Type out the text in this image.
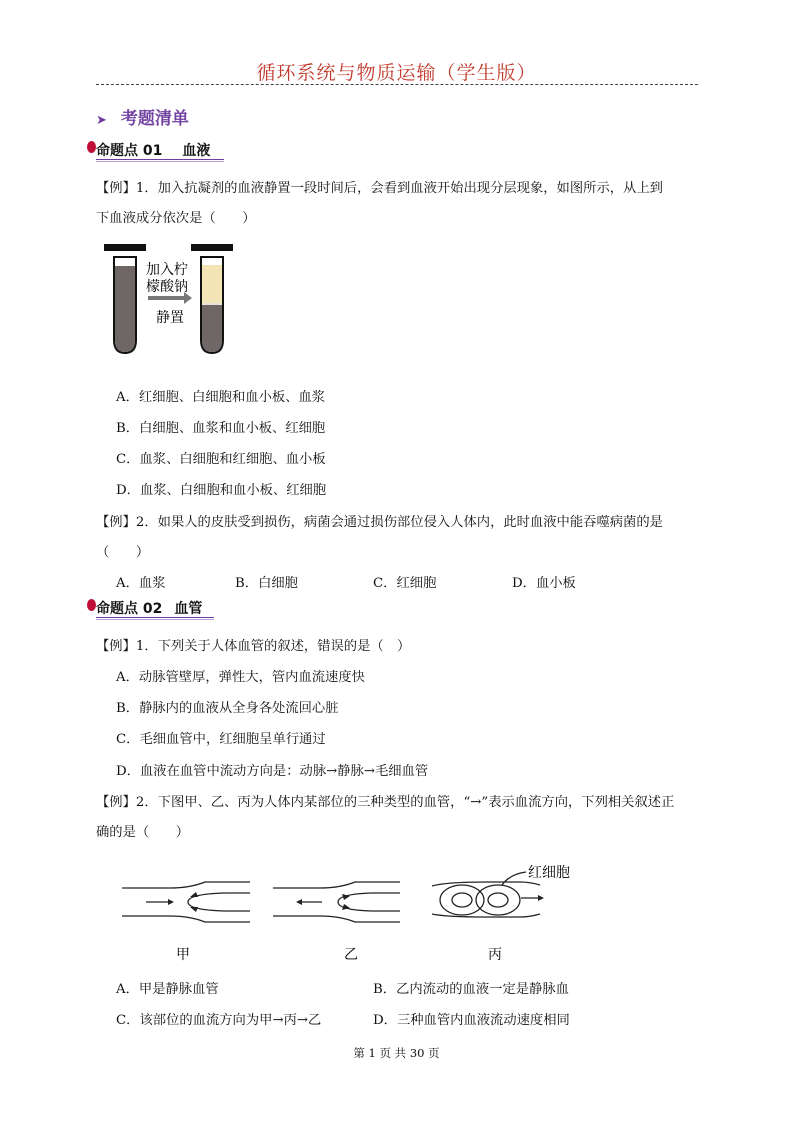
循环系统与物质运输（学生版）
➤ 考题清单
命题点 01 血液
【例】1．加入抗凝剂的血液静置一段时间后，会看到血液开始出现分层现象，如图所示，从上到
下血液成分依次是（　　）
加入柠
檬酸钠
静置
A．红细胞、白细胞和血小板、血浆
B．白细胞、血浆和血小板、红细胞
C．血浆、白细胞和红细胞、血小板
D．血浆、白细胞和血小板、红细胞
【例】2．如果人的皮肤受到损伤，病菌会通过损伤部位侵入人体内，此时血液中能吞噬病菌的是
（　　）
A．血浆	B．白细胞	C．红细胞	D．血小板
命题点 02 血管
【例】1．下列关于人体血管的叙述，错误的是（　）
A．动脉管壁厚，弹性大，管内血流速度快
B．静脉内的血液从全身各处流回心脏
C．毛细血管中，红细胞呈单行通过
D．血液在血管中流动方向是：动脉→静脉→毛细血管
【例】2．下图甲、乙、丙为人体内某部位的三种类型的血管，“→”表示血流方向，下列相关叙述正
确的是（　　）
红细胞
甲	乙	丙
A．甲是静脉血管	B．乙内流动的血液一定是静脉血
C．该部位的血流方向为甲→丙→乙	D．三种血管内血液流动速度相同
第 1 页 共 30 页
